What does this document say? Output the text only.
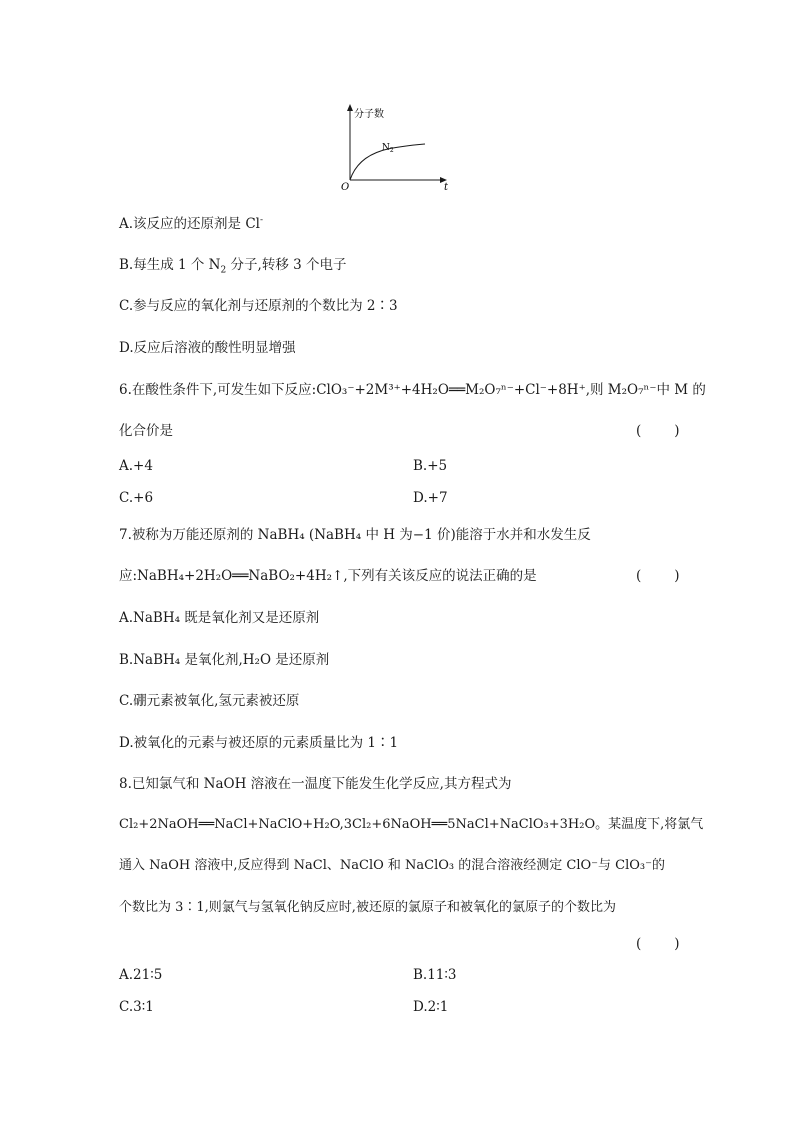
分子数
$N_2$
O	t
A.该反应的还原剂是 Cl-
B.每生成 1 个 $N_2$ 分子,转移 3 个电子
C.参与反应的氧化剂与还原剂的个数比为 2∶3
D.反应后溶液的酸性明显增强
6.在酸性条件下,可发生如下反应:ClO₃⁻+2M³⁺+4H₂O══M₂O₇ⁿ⁻+Cl⁻+8H⁺,则 M₂O₇ⁿ⁻中 M 的
化合价是	(　　)
A.+4	B.+5
C.+6	D.+7
7.被称为万能还原剂的 NaBH₄ (NaBH₄ 中 H 为−1 价)能溶于水并和水发生反
应:NaBH₄+2H₂O══NaBO₂+4H₂↑,下列有关该反应的说法正确的是	(　　)
A.NaBH₄ 既是氧化剂又是还原剂
B.NaBH₄ 是氧化剂,H₂O 是还原剂
C.硼元素被氧化,氢元素被还原
D.被氧化的元素与被还原的元素质量比为 1∶1
8.已知氯气和 NaOH 溶液在一温度下能发生化学反应,其方程式为
Cl₂+2NaOH══NaCl+NaClO+H₂O,3Cl₂+6NaOH══5NaCl+NaClO₃+3H₂O。某温度下,将氯气
通入 NaOH 溶液中,反应得到 NaCl、NaClO 和 NaClO₃ 的混合溶液经测定 ClO⁻与 ClO₃⁻的
个数比为 3∶1,则氯气与氢氧化钠反应时,被还原的氯原子和被氧化的氯原子的个数比为
(　　)
A.21∶5	B.11∶3
C.3∶1	D.2∶1
